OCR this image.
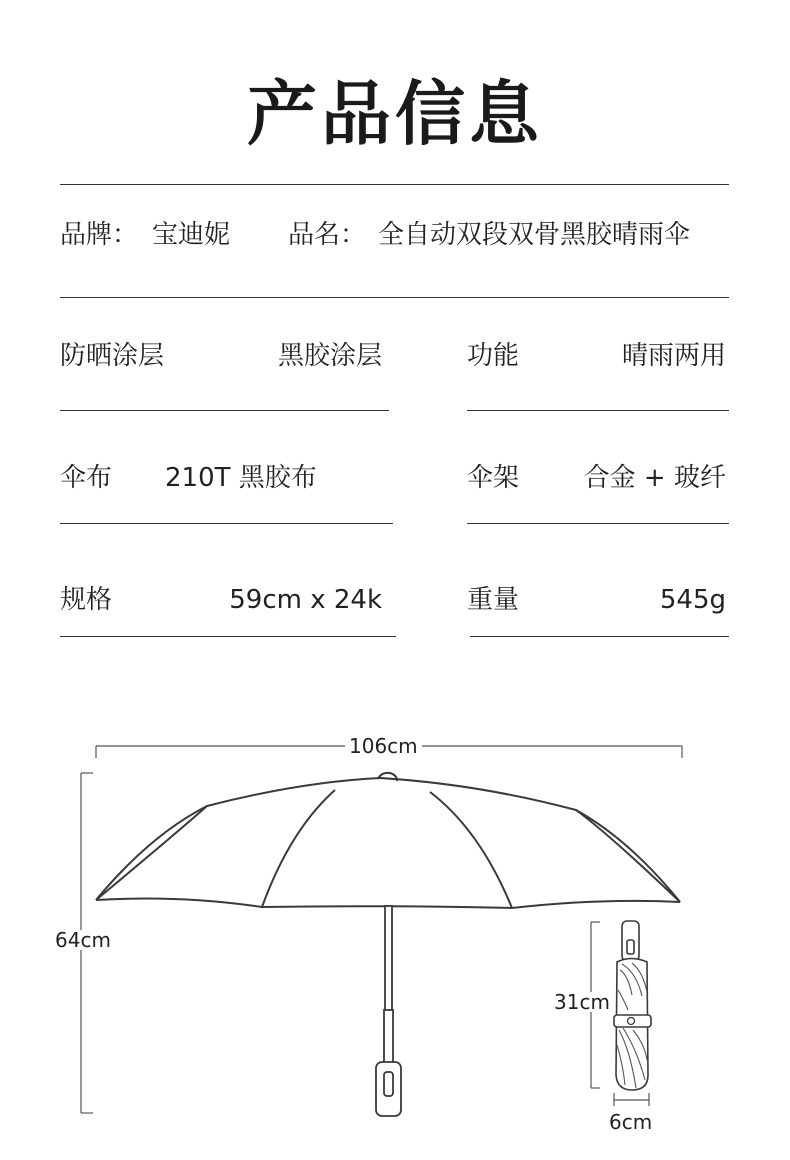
产品信息
品牌： 宝迪妮 品名： 全自动双段双骨黑胶晴雨伞
防晒涂层	黑胶涂层	功能	晴雨两用
伞布 210T 黑胶布	伞架	合金 + 玻纤
规格	59cm x 24k	重量	545g
106cm
64cm
31cm
6cm
